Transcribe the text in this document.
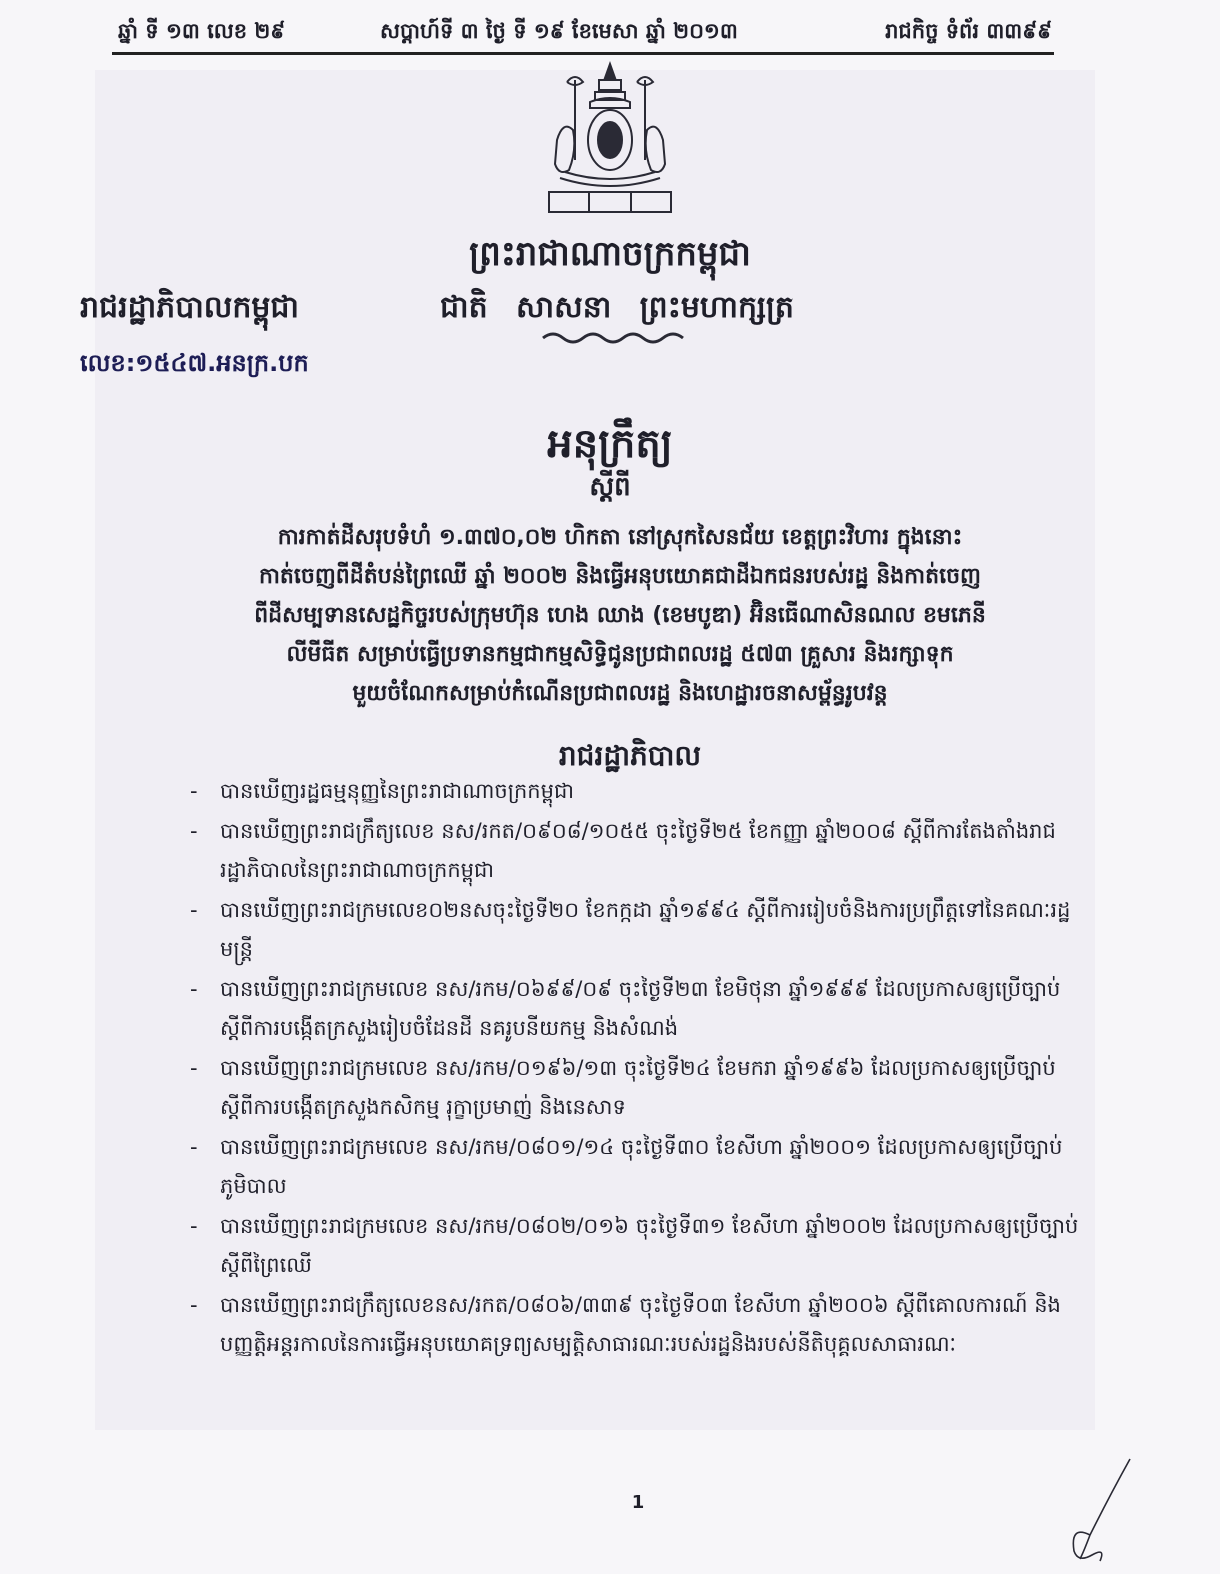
ឆ្នាំ ទី ១៣ លេខ ២៩	សប្តាហ៍ទី ៣ ថ្ងៃ ទី ១៩ ខែមេសា ឆ្នាំ ២០១៣	រាជកិច្ច ទំព័រ ៣៣៩៩
ព្រះរាជាណាចក្រកម្ពុជា
រាជរដ្ឋាភិបាលកម្ពុជា	ជាតិ សាសនា ព្រះមហាក្សត្រ
លេខ:១៥៤៧.អនក្រ.បក
អនុក្រឹត្យ
ស្តីពី
ការកាត់ដីសរុបទំហំ ១.៣៧០,០២ ហិកតា នៅស្រុកសៃនជ័យ ខេត្តព្រះវិហារ ក្នុងនោះ
កាត់ចេញពីដីតំបន់ព្រៃឈើ ឆ្នាំ ២០០២ និងធ្វើអនុបយោគជាដីឯកជនរបស់រដ្ឋ និងកាត់ចេញ
ពីដីសម្បទានសេដ្ឋកិច្ចរបស់ក្រុមហ៊ុន ហេង ឈាង (ខេមបូឌា) អ៊ិនធើណាសិនណល ខមភេនី
លីមីធីត សម្រាប់ធ្វើប្រទានកម្មជាកម្មសិទ្ធិជូនប្រជាពលរដ្ឋ ៥៧៣ គ្រួសារ និងរក្សាទុក
មួយចំណែកសម្រាប់កំណើនប្រជាពលរដ្ឋ និងហេដ្ឋារចនាសម្ព័ន្ធរូបវន្ត
រាជរដ្ឋាភិបាល
- បានឃើញរដ្ឋធម្មនុញ្ញនៃព្រះរាជាណាចក្រកម្ពុជា

- បានឃើញព្រះរាជក្រឹត្យលេខ នស/រកត/០៩០៨/១០៥៥ ចុះថ្ងៃទី២៥ ខែកញ្ញា ឆ្នាំ២០០៨ ស្តីពីការតែងតាំងរាជរដ្ឋាភិបាលនៃព្រះរាជាណាចក្រកម្ពុជា

- បានឃើញព្រះរាជក្រមលេខ០២នសចុះថ្ងៃទី២០ ខែកក្កដា ឆ្នាំ១៩៩៤ ស្តីពីការរៀបចំនិងការប្រព្រឹត្តទៅនៃគណៈរដ្ឋមន្ត្រី

- បានឃើញព្រះរាជក្រមលេខ នស/រកម/០៦៩៩/០៩ ចុះថ្ងៃទី២៣ ខែមិថុនា ឆ្នាំ១៩៩៩ ដែលប្រកាសឲ្យប្រើច្បាប់ស្តីពីការបង្កើតក្រសួងរៀបចំដែនដី នគរូបនីយកម្ម និងសំណង់

- បានឃើញព្រះរាជក្រមលេខ នស/រកម/០១៩៦/១៣ ចុះថ្ងៃទី២៤ ខែមករា ឆ្នាំ១៩៩៦ ដែលប្រកាសឲ្យប្រើច្បាប់ ស្តីពីការបង្កើតក្រសួងកសិកម្ម រុក្ខាប្រមាញ់ និងនេសាទ

- បានឃើញព្រះរាជក្រមលេខ នស/រកម/០៨០១/១៤ ចុះថ្ងៃទី៣០ ខែសីហា ឆ្នាំ២០០១ ដែលប្រកាសឲ្យប្រើច្បាប់ភូមិបាល

- បានឃើញព្រះរាជក្រមលេខ នស/រកម/០៨០២/០១៦ ចុះថ្ងៃទី៣១ ខែសីហា ឆ្នាំ២០០២ ដែលប្រកាសឲ្យប្រើច្បាប់ស្តីពីព្រៃឈើ

- បានឃើញព្រះរាជក្រឹត្យលេខនស/រកត/០៨០៦/៣៣៩ ចុះថ្ងៃទី០៣ ខែសីហា ឆ្នាំ២០០៦ ស្តីពីគោលការណ៍ និងបញ្ញត្តិអន្តរកាលនៃការធ្វើអនុបយោគទ្រព្យសម្បត្តិសាធារណៈរបស់រដ្ឋនិងរបស់នីតិបុគ្គលសាធារណៈ

1
